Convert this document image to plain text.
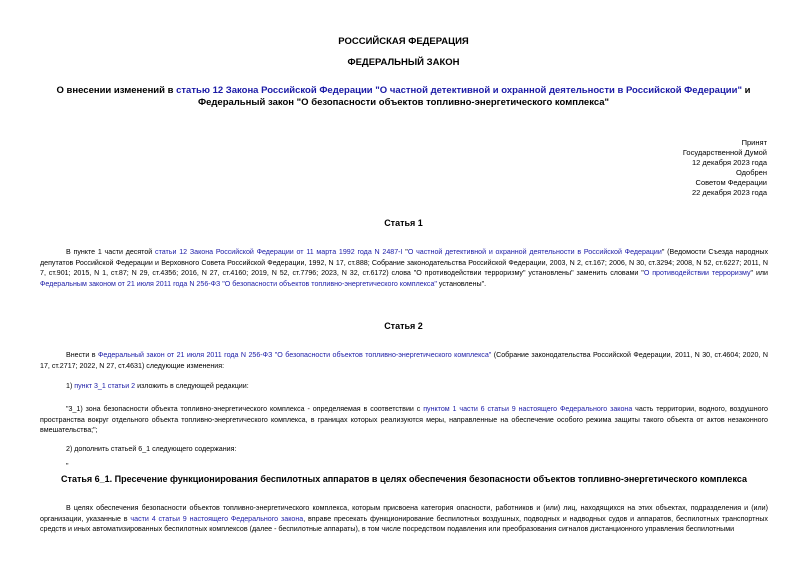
РОССИЙСКАЯ ФЕДЕРАЦИЯ
ФЕДЕРАЛЬНЫЙ ЗАКОН
О внесении изменений в статью 12 Закона Российской Федерации "О частной детективной и охранной деятельности в Российской Федерации" и Федеральный закон "О безопасности объектов топливно-энергетического комплекса"
Принят
Государственной Думой
12 декабря 2023 года
Одобрен
Советом Федерации
22 декабря 2023 года
Статья 1
В пункте 1 части десятой статьи 12 Закона Российской Федерации от 11 марта 1992 года N 2487-I "О частной детективной и охранной деятельности в Российской Федерации" (Ведомости Съезда народных депутатов Российской Федерации и Верховного Совета Российской Федерации, 1992, N 17, ст.888; Собрание законодательства Российской Федерации, 2003, N 2, ст.167; 2006, N 30, ст.3294; 2008, N 52, ст.6227; 2011, N 7, ст.901; 2015, N 1, ст.87; N 29, ст.4356; 2016, N 27, ст.4160; 2019, N 52, ст.7796; 2023, N 32, ст.6172) слова "О противодействии терроризму" установлены" заменить словами "О противодействии терроризму" или Федеральным законом от 21 июля 2011 года N 256-ФЗ "О безопасности объектов топливно-энергетического комплекса" установлены".
Статья 2
Внести в Федеральный закон от 21 июля 2011 года N 256-ФЗ "О безопасности объектов топливно-энергетического комплекса" (Собрание законодательства Российской Федерации, 2011, N 30, ст.4604; 2020, N 17, ст.2717; 2022, N 27, ст.4631) следующие изменения:
1) пункт 3_1 статьи 2 изложить в следующей редакции:
"3_1) зона безопасности объекта топливно-энергетического комплекса - определяемая в соответствии с пунктом 1 части 6 статьи 9 настоящего Федерального закона часть территории, водного, воздушного пространства вокруг отдельного объекта топливно-энергетического комплекса, в границах которых реализуются меры, направленные на обеспечение особого режима защиты такого объекта от актов незаконного вмешательства;";
2) дополнить статьей 6_1 следующего содержания:
"
Статья 6_1. Пресечение функционирования беспилотных аппаратов в целях обеспечения безопасности объектов топливно-энергетического комплекса
В целях обеспечения безопасности объектов топливно-энергетического комплекса, которым присвоена категория опасности, работников и (или) лиц, находящихся на этих объектах, подразделения и (или) организации, указанные в части 4 статьи 9 настоящего Федерального закона, вправе пресекать функционирование беспилотных воздушных, подводных и надводных судов и аппаратов, беспилотных транспортных средств и иных автоматизированных беспилотных комплексов (далее - беспилотные аппараты), в том числе посредством подавления или преобразования сигналов дистанционного управления беспилотными
